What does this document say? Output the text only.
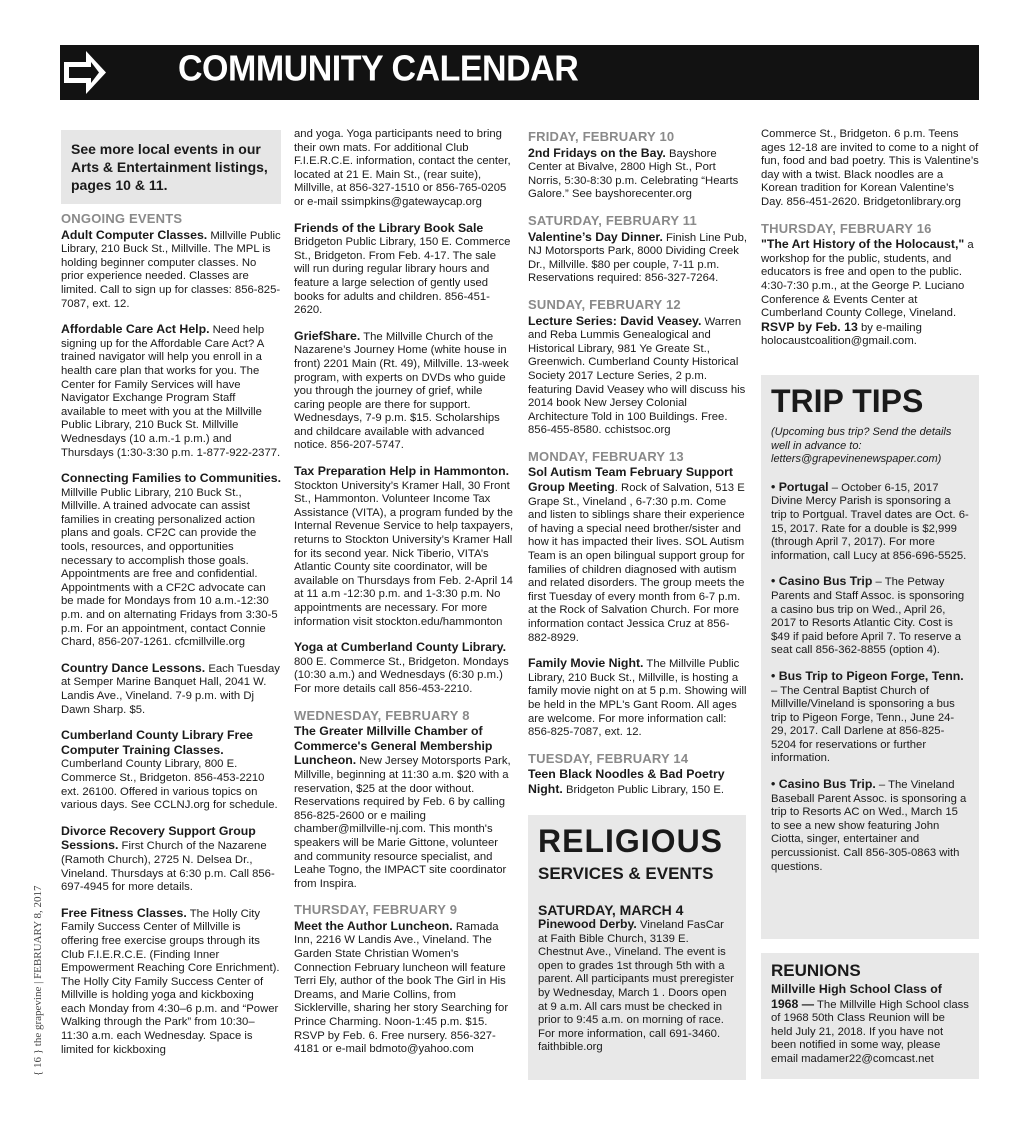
COMMUNITY CALENDAR
See more local events in our Arts & Entertainment listings, pages 10 & 11.
ONGOING EVENTS

Adult Computer Classes. Millville Public Library, 210 Buck St., Millville. The MPL is holding beginner computer classes. No prior experience needed. Classes are limited. Call to sign up for classes: 856-825-7087, ext. 12.

Affordable Care Act Help. Need help signing up for the Affordable Care Act? A trained navigator will help you enroll in a health care plan that works for you. The Center for Family Services will have Navigator Exchange Program Staff available to meet with you at the Millville Public Library, 210 Buck St. Millville Wednesdays (10 a.m.-1 p.m.) and Thursdays (1:30-3:30 p.m. 1-877-922-2377.

Connecting Families to Communities. Millville Public Library, 210 Buck St., Millville. A trained advocate can assist families in creating personalized action plans and goals. CF2C can provide the tools, resources, and opportunities necessary to accomplish those goals. Appointments are free and confidential. Appointments with a CF2C advocate can be made for Mondays from 10 a.m.-12:30 p.m. and on alternating Fridays from 3:30-5 p.m. For an appointment, contact Connie Chard, 856-207-1261. cfcmillville.org

Country Dance Lessons. Each Tuesday at Semper Marine Banquet Hall, 2041 W. Landis Ave., Vineland. 7-9 p.m. with Dj Dawn Sharp. $5.

Cumberland County Library Free Computer Training Classes. Cumberland County Library, 800 E. Commerce St., Bridgeton. 856-453-2210 ext. 26100. Offered in various topics on various days. See CCLNJ.org for schedule.

Divorce Recovery Support Group Sessions. First Church of the Nazarene (Ramoth Church), 2725 N. Delsea Dr., Vineland. Thursdays at 6:30 p.m. Call 856-697-4945 for more details.

Free Fitness Classes. The Holly City Family Success Center of Millville is offering free exercise groups through its Club F.I.E.R.C.E. (Finding Inner Empowerment Reaching Core Enrichment). The Holly City Family Success Center of Millville is holding yoga and kickboxing each Monday from 4:30–6 p.m. and “Power Walking through the Park” from 10:30–11:30 a.m. each Wednesday. Space is limited for kickboxing

and yoga. Yoga participants need to bring their own mats. For additional Club F.I.E.R.C.E. information, contact the center, located at 21 E. Main St., (rear suite), Millville, at 856-327-1510 or 856-765-0205 or e-mail ssimpkins@gatewaycap.org

Friends of the Library Book Sale Bridgeton Public Library, 150 E. Commerce St., Bridgeton. From Feb. 4-17. The sale will run during regular library hours and feature a large selection of gently used books for adults and children. 856-451-2620.

GriefShare. The Millville Church of the Nazarene’s Journey Home (white house in front) 2201 Main (Rt. 49), Millville. 13-week program, with experts on DVDs who guide you through the journey of grief, while caring people are there for support. Wednesdays, 7-9 p.m. $15. Scholarships and childcare available with advanced notice. 856-207-5747.

Tax Preparation Help in Hammonton. Stockton University’s Kramer Hall, 30 Front St., Hammonton. Volunteer Income Tax Assistance (VITA), a program funded by the Internal Revenue Service to help taxpayers, returns to Stockton University’s Kramer Hall for its second year. Nick Tiberio, VITA’s Atlantic County site coordinator, will be available on Thursdays from Feb. 2-April 14 at 11 a.m -12:30 p.m. and 1-3:30 p.m. No appointments are necessary. For more information visit stockton.edu/hammonton

Yoga at Cumberland County Library. 800 E. Commerce St., Bridgeton. Mondays (10:30 a.m.) and Wednesdays (6:30 p.m.) For more details call 856-453-2210.

WEDNESDAY, FEBRUARY 8

The Greater Millville Chamber of Commerce's General Membership Luncheon. New Jersey Motorsports Park, Millville, beginning at 11:30 a.m. $20 with a reservation, $25 at the door without. Reservations required by Feb. 6 by calling 856-825-2600 or e mailing chamber@millville-nj.com. This month's speakers will be Marie Gittone, volunteer and community resource specialist, and Leahe Togno, the IMPACT site coordinator from Inspira.

THURSDAY, FEBRUARY 9

Meet the Author Luncheon. Ramada Inn, 2216 W Landis Ave., Vineland. The Garden State Christian Women’s Connection February luncheon will feature Terri Ely, author of the book The Girl in His Dreams, and Marie Collins, from Sicklerville, sharing her story Searching for Prince Charming. Noon-1:45 p.m. $15. RSVP by Feb. 6. Free nursery. 856-327-4181 or e-mail bdmoto@yahoo.com

FRIDAY, FEBRUARY 10

2nd Fridays on the Bay. Bayshore Center at Bivalve, 2800 High St., Port Norris, 5:30-8:30 p.m. Celebrating “Hearts Galore.” See bayshorecenter.org

SATURDAY, FEBRUARY 11

Valentine’s Day Dinner. Finish Line Pub, NJ Motorsports Park, 8000 Dividing Creek Dr., Millville. $80 per couple, 7-11 p.m. Reservations required: 856-327-7264.

SUNDAY, FEBRUARY 12

Lecture Series: David Veasey. Warren and Reba Lummis Genealogical and Historical Library, 981 Ye Greate St., Greenwich. Cumberland County Historical Society 2017 Lecture Series, 2 p.m. featuring David Veasey who will discuss his 2014 book New Jersey Colonial Architecture Told in 100 Buildings. Free. 856-455-8580. cchistsoc.org

MONDAY, FEBRUARY 13

Sol Autism Team February Support Group Meeting. Rock of Salvation, 513 E Grape St., Vineland , 6-7:30 p.m. Come and listen to siblings share their experience of having a special need brother/sister and how it has impacted their lives. SOL Autism Team is an open bilingual support group for families of children diagnosed with autism and related disorders. The group meets the first Tuesday of every month from 6-7 p.m. at the Rock of Salvation Church. For more information contact Jessica Cruz at 856-882-8929.

Family Movie Night. The Millville Public Library, 210 Buck St., Millville, is hosting a family movie night on at 5 p.m. Showing will be held in the MPL's Gant Room. All ages are welcome. For more information call: 856-825-7087, ext. 12.

TUESDAY, FEBRUARY 14

Teen Black Noodles & Bad Poetry Night. Bridgeton Public Library, 150 E.

RELIGIOUS
SERVICES & EVENTS
SATURDAY, MARCH 4

Pinewood Derby. Vineland FasCar at Faith Bible Church, 3139 E. Chestnut Ave., Vineland. The event is open to grades 1st through 5th with a parent. All participants must preregister by Wednesday, March 1 . Doors open at 9 a.m. All cars must be checked in prior to 9:45 a.m. on morning of race. For more information, call 691-3460. faithbible.org

Commerce St., Bridgeton. 6 p.m. Teens ages 12-18 are invited to come to a night of fun, food and bad poetry. This is Valentine’s day with a twist. Black noodles are a Korean tradition for Korean Valentine’s Day. 856-451-2620. Bridgetonlibrary.org

THURSDAY, FEBRUARY 16

"The Art History of the Holocaust," a workshop for the public, students, and educators is free and open to the public. 4:30-7:30 p.m., at the George P. Luciano Conference & Events Center at Cumberland County College, Vineland. RSVP by Feb. 13 by e-mailing holocaustcoalition@gmail.com.

TRIP TIPS
(Upcoming bus trip? Send the details well in advance to: letters@grapevinenewspaper.com)

• Portugal – October 6-15, 2017 Divine Mercy Parish is sponsoring a trip to Portgual. Travel dates are Oct. 6-15, 2017. Rate for a double is $2,999 (through April 7, 2017). For more information, call Lucy at 856-696-5525.

• Casino Bus Trip – The Petway Parents and Staff Assoc. is sponsoring a casino bus trip on Wed., April 26, 2017 to Resorts Atlantic City. Cost is $49 if paid before April 7. To reserve a seat call 856-362-8855 (option 4).

• Bus Trip to Pigeon Forge, Tenn. – The Central Baptist Church of Millville/Vineland is sponsoring a bus trip to Pigeon Forge, Tenn., June 24-29, 2017. Call Darlene at 856-825-5204 for reservations or further information.

• Casino Bus Trip. – The Vineland Baseball Parent Assoc. is sponsoring a trip to Resorts AC on Wed., March 15 to see a new show featuring John Ciotta, singer, entertainer and percussionist. Call 856-305-0863 with questions.

REUNIONS

Millville High School Class of 1968 — The Millville High School class of 1968 50th Class Reunion will be held July 21, 2018. If you have not been notified in some way, please email madamer22@comcast.net

{ 16 } the grapevine | FEBRUARY 8, 2017
